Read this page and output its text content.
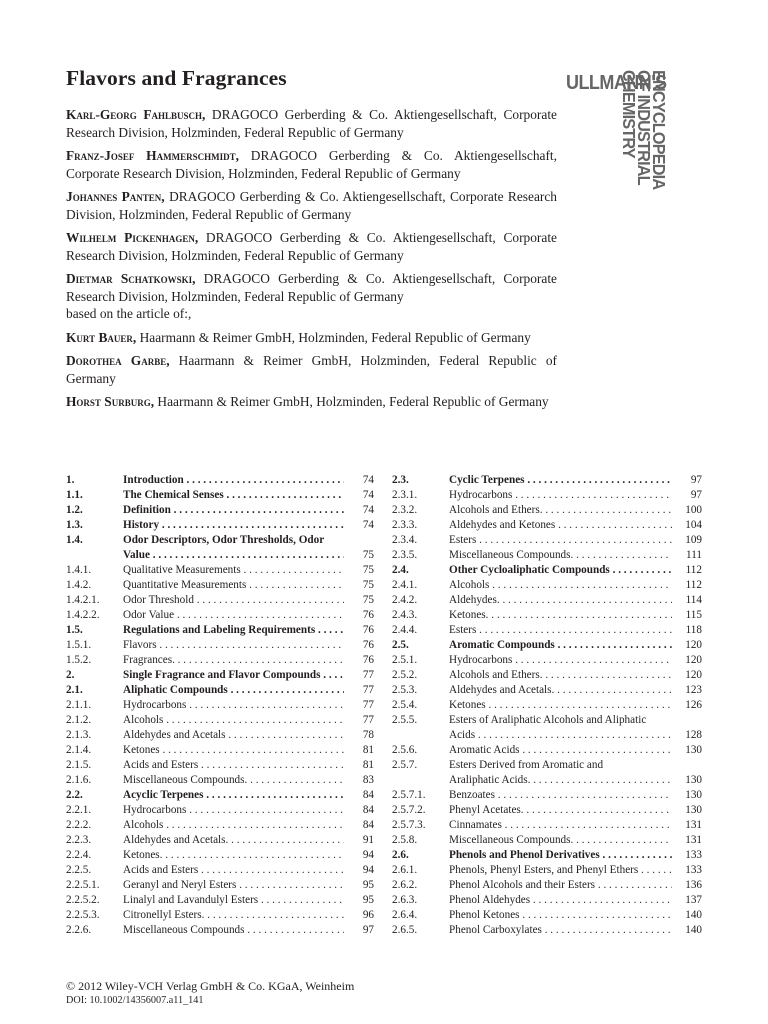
Flavors and Fragrances	ULLMANN'S
ENCYCLOPEDIA
OF INDUSTRIAL
CHEMISTRY

Karl-Georg Fahlbusch, DRAGOCO Gerberding & Co. Aktiengesellschaft, Corporate Research Division, Holzminden, Federal Republic of Germany

Franz-Josef Hammerschmidt, DRAGOCO Gerberding & Co. Aktiengesellschaft, Corporate Research Division, Holzminden, Federal Republic of Germany

Johannes Panten, DRAGOCO Gerberding & Co. Aktiengesellschaft, Corporate Research Division, Holzminden, Federal Republic of Germany

Wilhelm Pickenhagen, DRAGOCO Gerberding & Co. Aktiengesellschaft, Corporate Research Division, Holzminden, Federal Republic of Germany

Dietmar Schatkowski, DRAGOCO Gerberding & Co. Aktiengesellschaft, Corporate Research Division, Holzminden, Federal Republic of Germany
based on the article of:,

Kurt Bauer, Haarmann & Reimer GmbH, Holzminden, Federal Republic of Germany

Dorothea Garbe, Haarmann & Reimer GmbH, Holzminden, Federal Republic of Germany

Horst Surburg, Haarmann & Reimer GmbH, Holzminden, Federal Republic of Germany

1.	Introduction . . .	74
1.1.	The Chemical Senses . . .	74
1.2.	Definition . . .	74
1.3.	History . . .	74
1.4.	Odor Descriptors, Odor Thresholds, Odor
Value . . .	75
1.4.1.	Qualitative Measurements . . .	75
1.4.2.	Quantitative Measurements . . .	75
1.4.2.1.	Odor Threshold . . .	75
1.4.2.2.	Odor Value . . .	76
1.5.	Regulations and Labeling Requirements . . .	76
1.5.1.	Flavors . . .	76
1.5.2.	Fragrances. . . .	76
2.	Single Fragrance and Flavor Compounds . . .	77
2.1.	Aliphatic Compounds . . .	77
2.1.1.	Hydrocarbons . . .	77
2.1.2.	Alcohols . . .	77
2.1.3.	Aldehydes and Acetals . . .	78
2.1.4.	Ketones . . .	81
2.1.5.	Acids and Esters . . .	81
2.1.6.	Miscellaneous Compounds. . . .	83
2.2.	Acyclic Terpenes . . .	84
2.2.1.	Hydrocarbons . . .	84
2.2.2.	Alcohols . . .	84
2.2.3.	Aldehydes and Acetals. . . .	91
2.2.4.	Ketones. . . .	94
2.2.5.	Acids and Esters . . .	94
2.2.5.1.	Geranyl and Neryl Esters . . .	95
2.2.5.2.	Linalyl and Lavandulyl Esters . . .	95
2.2.5.3.	Citronellyl Esters. . . .	96
2.2.6.	Miscellaneous Compounds . . .	97
2.3.	Cyclic Terpenes . . .	97
2.3.1.	Hydrocarbons . . .	97
2.3.2.	Alcohols and Ethers. . . .	100
2.3.3.	Aldehydes and Ketones . . .	104
2.3.4.	Esters . . .	109
2.3.5.	Miscellaneous Compounds. . . .	111
2.4.	Other Cycloaliphatic Compounds . . .	112
2.4.1.	Alcohols . . .	112
2.4.2.	Aldehydes. . . .	114
2.4.3.	Ketones. . . .	115
2.4.4.	Esters . . .	118
2.5.	Aromatic Compounds . . .	120
2.5.1.	Hydrocarbons . . .	120
2.5.2.	Alcohols and Ethers. . . .	120
2.5.3.	Aldehydes and Acetals. . . .	123
2.5.4.	Ketones . . .	126
2.5.5.	Esters of Araliphatic Alcohols and Aliphatic
Acids . . .	128
2.5.6.	Aromatic Acids . . .	130
2.5.7.	Esters Derived from Aromatic and
Araliphatic Acids. . . .	130
2.5.7.1.	Benzoates . . .	130
2.5.7.2.	Phenyl Acetates. . . .	130
2.5.7.3.	Cinnamates . . .	131
2.5.8.	Miscellaneous Compounds. . . .	131
2.6.	Phenols and Phenol Derivatives . . .	133
2.6.1.	Phenols, Phenyl Esters, and Phenyl Ethers . . .	133
2.6.2.	Phenol Alcohols and their Esters . . .	136
2.6.3.	Phenol Aldehydes . . .	137
2.6.4.	Phenol Ketones . . .	140
2.6.5.	Phenol Carboxylates . . .	140
© 2012 Wiley-VCH Verlag GmbH & Co. KGaA, Weinheim
DOI: 10.1002/14356007.a11_141
